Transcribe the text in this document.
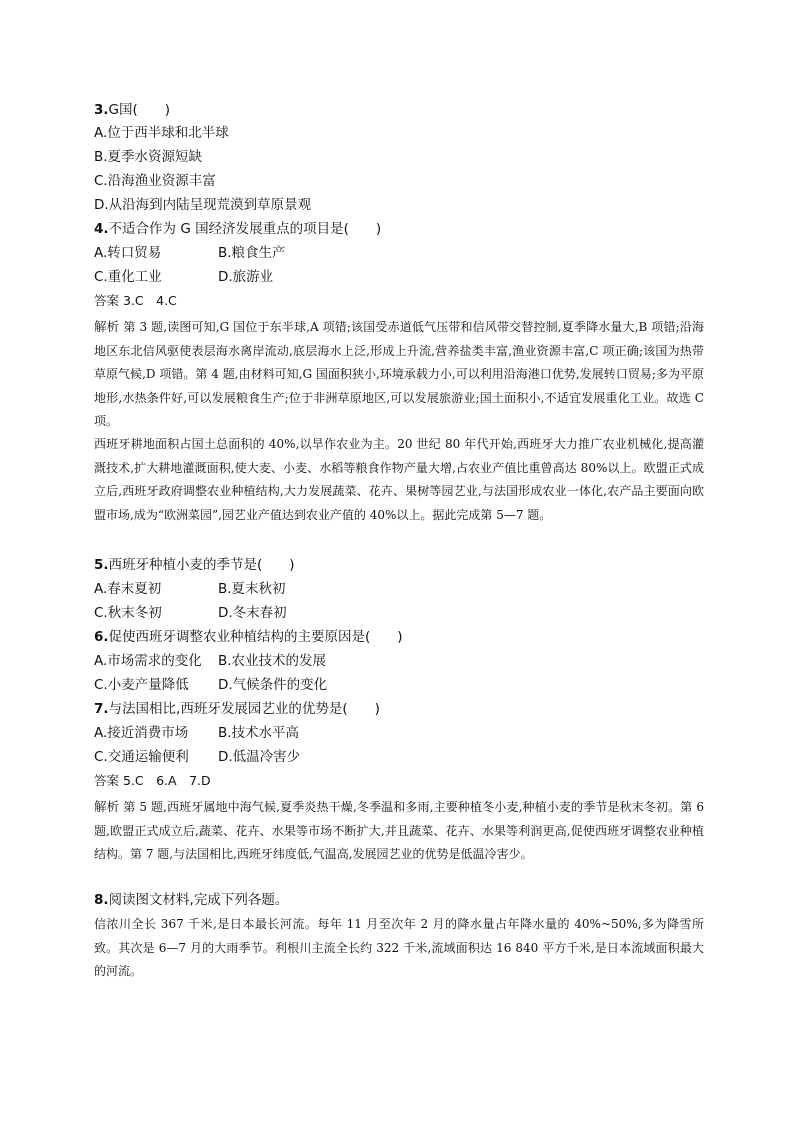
3.G国(　　)
A.位于西半球和北半球
B.夏季水资源短缺
C.沿海渔业资源丰富
D.从沿海到内陆呈现荒漠到草原景观
4.不适合作为 G 国经济发展重点的项目是(　　)
A.转口贸易	B.粮食生产
C.重化工业	D.旅游业
答案 3.C　4.C
解析 第 3 题,读图可知,G 国位于东半球,A 项错;该国受赤道低气压带和信风带交替控制,夏季降水量大,B 项错;沿海地区东北信风驱使表层海水离岸流动,底层海水上泛,形成上升流,营养盐类丰富,渔业资源丰富,C 项正确;该国为热带草原气候,D 项错。第 4 题,由材料可知,G 国面积狭小,环境承载力小,可以利用沿海港口优势,发展转口贸易;多为平原地形,水热条件好,可以发展粮食生产;位于非洲草原地区,可以发展旅游业;国土面积小,不适宜发展重化工业。故选 C 项。
西班牙耕地面积占国土总面积的 40%,以旱作农业为主。20 世纪 80 年代开始,西班牙大力推广农业机械化,提高灌溉技术,扩大耕地灌溉面积,使大麦、小麦、水稻等粮食作物产量大增,占农业产值比重曾高达 80%以上。欧盟正式成立后,西班牙政府调整农业种植结构,大力发展蔬菜、花卉、果树等园艺业,与法国形成农业一体化,农产品主要面向欧盟市场,成为“欧洲菜园”,园艺业产值达到农业产值的 40%以上。据此完成第 5—7 题。
5.西班牙种植小麦的季节是(　　)
A.春末夏初	B.夏末秋初
C.秋末冬初	D.冬末春初
6.促使西班牙调整农业种植结构的主要原因是(　　)
A.市场需求的变化 B.农业技术的发展
C.小麦产量降低 D.气候条件的变化
7.与法国相比,西班牙发展园艺业的优势是(　　)
A.接近消费市场 B.技术水平高
C.交通运输便利 D.低温冷害少
答案 5.C　6.A　7.D
解析 第 5 题,西班牙属地中海气候,夏季炎热干燥,冬季温和多雨,主要种植冬小麦,种植小麦的季节是秋末冬初。第 6 题,欧盟正式成立后,蔬菜、花卉、水果等市场不断扩大,并且蔬菜、花卉、水果等利润更高,促使西班牙调整农业种植结构。第 7 题,与法国相比,西班牙纬度低,气温高,发展园艺业的优势是低温冷害少。
8.阅读图文材料,完成下列各题。
信浓川全长 367 千米,是日本最长河流。每年 11 月至次年 2 月的降水量占年降水量的 40%~50%,多为降雪所致。其次是 6—7 月的大雨季节。利根川主流全长约 322 千米,流域面积达 16 840 平方千米,是日本流域面积最大的河流。
